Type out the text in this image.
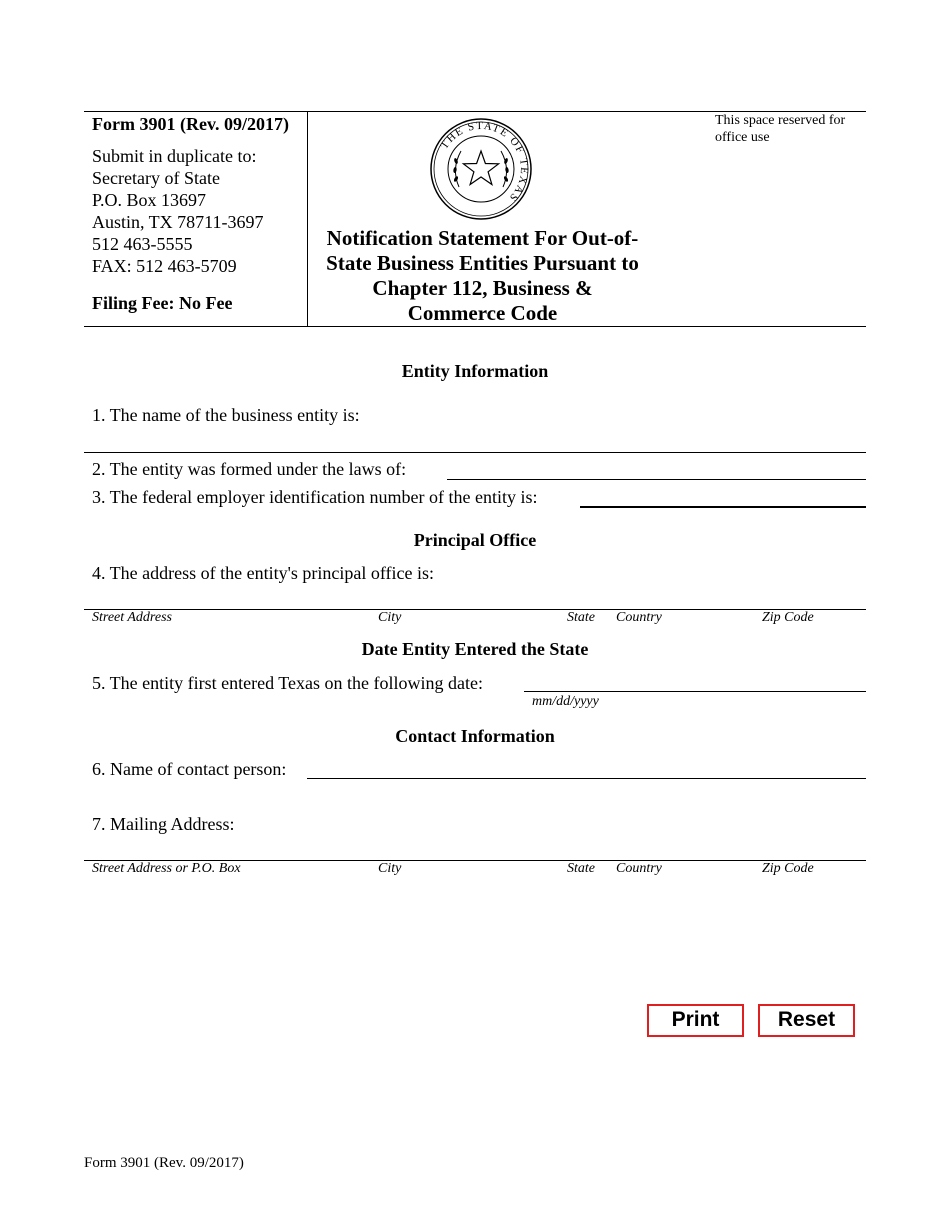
Form 3901 (Rev. 09/2017)
Submit in duplicate to:
Secretary of State
P.O. Box 13697
Austin, TX 78711-3697
512 463-5555
FAX: 512 463-5709
Filing Fee: No Fee
THE STATE OF TEXAS
Notification Statement For Out-of-
State Business Entities Pursuant to
Chapter 112, Business &
Commerce Code
This space reserved for
office use
Entity Information
1. The name of the business entity is:
2. The entity was formed under the laws of:
3. The federal employer identification number of the entity is:
Principal Office
4. The address of the entity's principal office is:
Street Address	City	State Country	Zip Code
Date Entity Entered the State
5. The entity first entered Texas on the following date:
mm/dd/yyyy
Contact Information
6. Name of contact person:
7. Mailing Address:
Street Address or P.O. Box	City	State Country	Zip Code
Print	Reset
Form 3901 (Rev. 09/2017)
